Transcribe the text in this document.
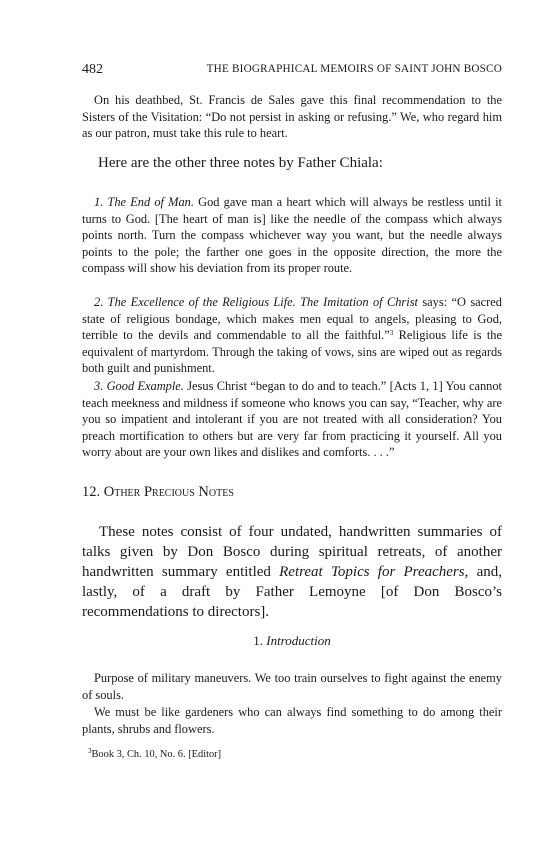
482	THE BIOGRAPHICAL MEMOIRS OF SAINT JOHN BOSCO

On his deathbed, St. Francis de Sales gave this final recommendation to the Sisters of the Visitation: “Do not persist in asking or refusing.” We, who regard him as our patron, must take this rule to heart.

Here are the other three notes by Father Chiala:

1. The End of Man. God gave man a heart which will always be restless until it turns to God. [The heart of man is] like the needle of the compass which always points north. Turn the compass whichever way you want, but the needle always points to the pole; the farther one goes in the opposite direction, the more the compass will show his deviation from its proper route.

2. The Excellence of the Religious Life. The Imitation of Christ says: “O sacred state of religious bondage, which makes men equal to angels, pleasing to God, terrible to the devils and commendable to all the faithful.”$^3$ Religious life is the equivalent of martyrdom. Through the taking of vows, sins are wiped out as regards both guilt and punishment.

3. Good Example. Jesus Christ “began to do and to teach.” [Acts 1, 1] You cannot teach meekness and mildness if someone who knows you can say, “Teacher, why are you so impatient and intolerant if you are not treated with all consideration? You preach mortification to others but are very far from practicing it yourself. All you worry about are your own likes and dislikes and comforts. . . .”

12. Other Precious Notes

These notes consist of four undated, handwritten summaries of talks given by Don Bosco during spiritual retreats, of another handwritten summary entitled Retreat Topics for Preachers, and, lastly, of a draft by Father Lemoyne [of Don Bosco’s recommendations to directors].

1. Introduction

Purpose of military maneuvers. We too train ourselves to fight against the enemy of souls.

We must be like gardeners who can always find something to do among their plants, shrubs and flowers.

$^3$Book 3, Ch. 10, No. 6. [Editor]
